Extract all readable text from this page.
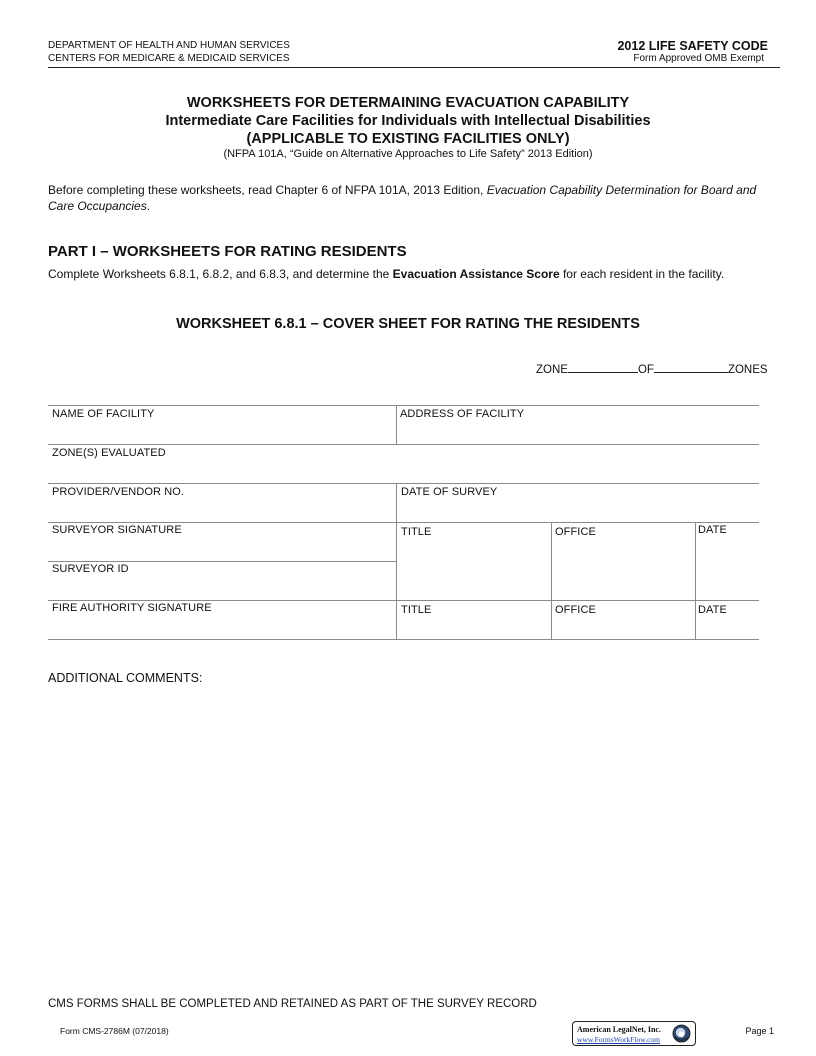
DEPARTMENT OF HEALTH AND HUMAN SERVICES
CENTERS FOR MEDICARE & MEDICAID SERVICES
2012 LIFE SAFETY CODE
Form Approved OMB Exempt
WORKSHEETS FOR DETERMAINING EVACUATION CAPABILITY
Intermediate Care Facilities for Individuals with Intellectual Disabilities
(APPLICABLE TO EXISTING FACILITIES ONLY)
(NFPA 101A, “Guide on Alternative Approaches to Life Safety” 2013 Edition)
Before completing these worksheets, read Chapter 6 of NFPA 101A, 2013 Edition, Evacuation Capability Determination for Board and Care Occupancies.
PART I – WORKSHEETS FOR RATING RESIDENTS
Complete Worksheets 6.8.1, 6.8.2, and 6.8.3, and determine the Evacuation Assistance Score for each resident in the facility.
WORKSHEET 6.8.1 – COVER SHEET FOR RATING THE RESIDENTS
ZONE	OF	ZONES
NAME OF FACILITY	ADDRESS OF FACILITY
ZONE(S) EVALUATED
PROVIDER/VENDOR NO.	DATE OF SURVEY
SURVEYOR SIGNATURE	TITLE	OFFICE	DATE
SURVEYOR ID
FIRE AUTHORITY SIGNATURE	TITLE	OFFICE	DATE
ADDITIONAL COMMENTS:
CMS FORMS SHALL BE COMPLETED AND RETAINED AS PART OF THE SURVEY RECORD
Form CMS-2786M (07/2018)	American LegalNet, Inc.
www.FormsWorkFlow.com
Page 1
